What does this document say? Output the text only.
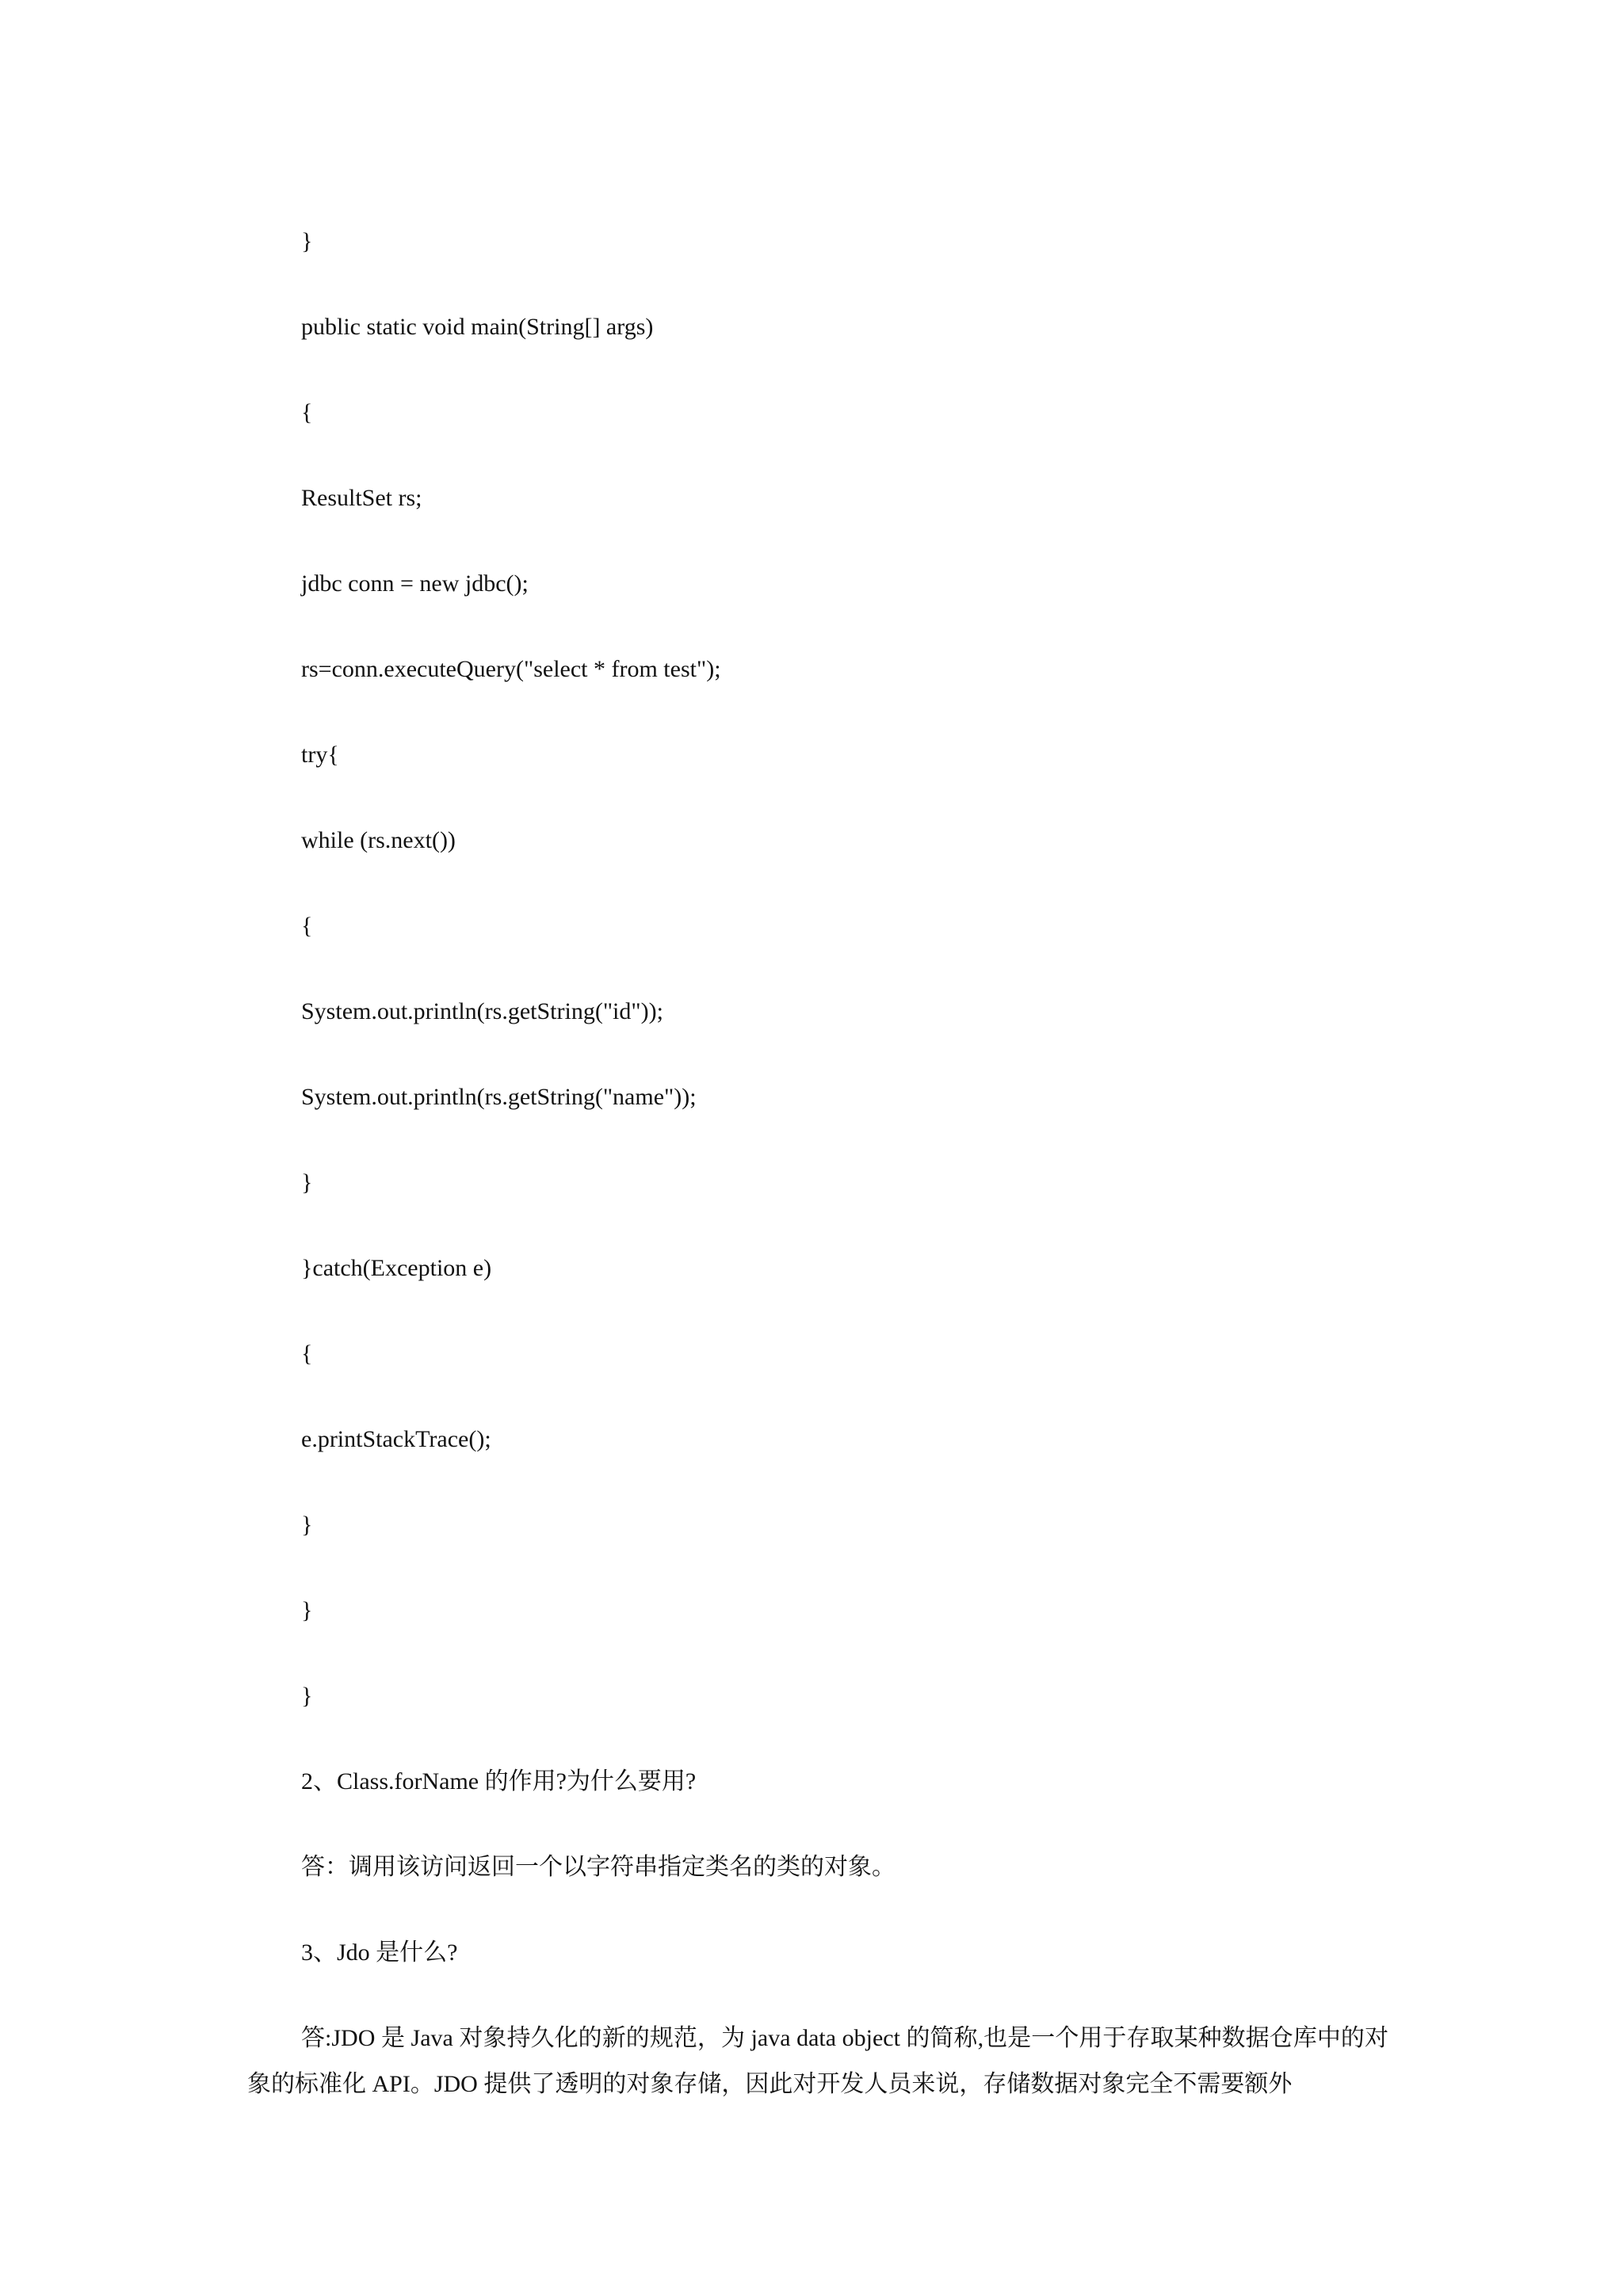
}
public static void main(String[] args)
{
ResultSet rs;
jdbc conn = new jdbc();
rs=conn.executeQuery("select * from test");
try{
while (rs.next())
{
System.out.println(rs.getString("id"));
System.out.println(rs.getString("name"));
}
}catch(Exception e)
{
e.printStackTrace();
}
}
}
2、Class.forName 的作用?为什么要用?
答：调用该访问返回一个以字符串指定类名的类的对象。
3、Jdo 是什么?
答:JDO 是 Java 对象持久化的新的规范，为 java data object 的简称,也是一个用于存取某种数据仓库中的对象的标准化 API。JDO 提供了透明的对象存储，因此对开发人员来说，存储数据对象完全不需要额外
